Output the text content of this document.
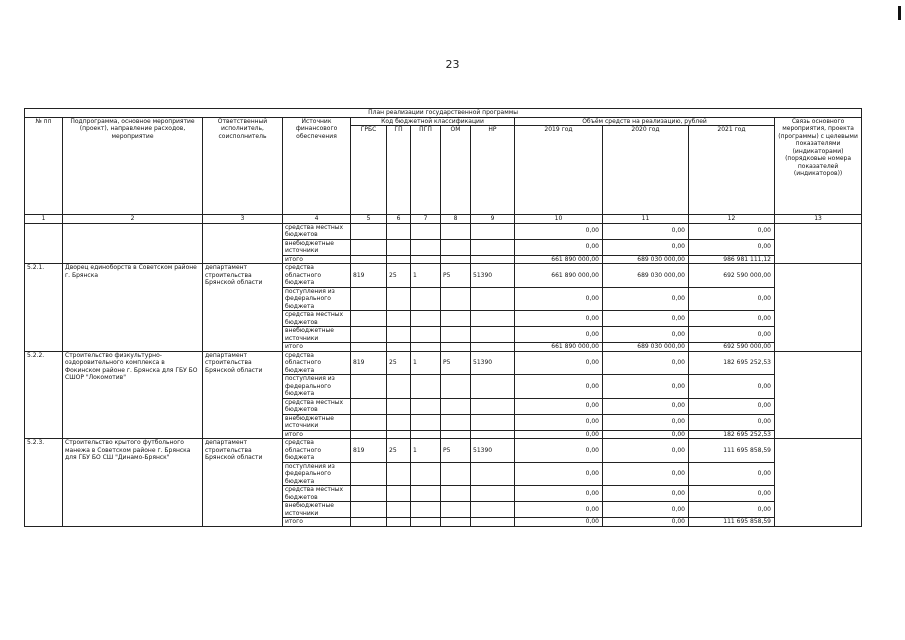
23
План реализации государственной программы												
№ пп	Подпрограмма, основное мероприятие (проект), направление расходов, мероприятие	Ответственный исполнитель, соисполнитель	Источник финансового обеспечения	Код бюджетной классификации					Объём средств на реализацию, рублей			Связь основного мероприятия, проекта (программы) с целевыми показателями (индикаторами) (порядковые номера показателей (индикаторов))
				ГРБС	ГП	ПГП	ОМ	НР	2019 год	2020 год	2021 год	
1	2	3	4	5	6	7	8	9	10	11	12	13
			средства местных бюджетов						0,00	0,00	0,00	
			внебюджетные источники						0,00	0,00	0,00	
			итого						661 890 000,00	689 030 000,00	986 981 111,12	
5.2.1.	Дворец единоборств в Советском районе г. Брянска	департамент строительства Брянской области	средства областного бюджета	819	25	1	Р5	51390	661 890 000,00	689 030 000,00	692 590 000,00	
			поступления из федерального бюджета						0,00	0,00	0,00	
			средства местных бюджетов						0,00	0,00	0,00	
			внебюджетные источники						0,00	0,00	0,00	
			итого						661 890 000,00	689 030 000,00	692 590 000,00	
5.2.2.	Строительство физкультурно-оздоровительного комплекса в Фокинском районе г. Брянска для ГБУ БО СШОР "Локомотив"	департамент строительства Брянской области	средства областного бюджета	819	25	1	Р5	51390	0,00	0,00	182 695 252,53	
			поступления из федерального бюджета						0,00	0,00	0,00	
			средства местных бюджетов						0,00	0,00	0,00	
			внебюджетные источники						0,00	0,00	0,00	
			итого						0,00	0,00	182 695 252,53	
5.2.3.	Строительство крытого футбольного манежа в Советском районе г. Брянска для ГБУ БО СШ "Динамо-Брянск"	департамент строительства Брянской области	средства областного бюджета	819	25	1	Р5	51390	0,00	0,00	111 695 858,59	
			поступления из федерального бюджета						0,00	0,00	0,00	
			средства местных бюджетов						0,00	0,00	0,00	
			внебюджетные источники						0,00	0,00	0,00	
			итого						0,00	0,00	111 695 858,59	
